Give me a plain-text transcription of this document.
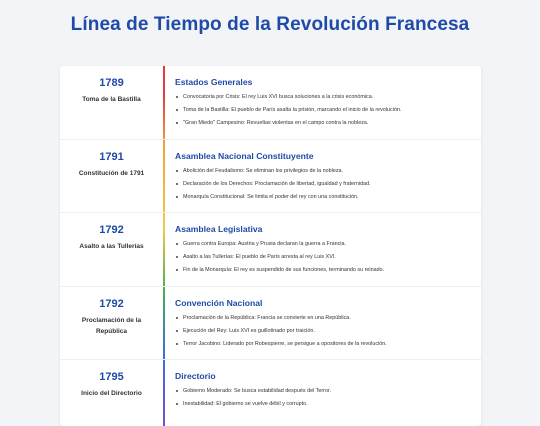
Línea de Tiempo de la Revolución Francesa
1789
Toma de la Bastilla
Estados Generales
Convocatoria por Crisis: El rey Luis XVI busca soluciones a la crisis económica.
Toma de la Bastilla: El pueblo de París asalta la prisión, marcando el inicio de la revolución.
"Gran Miedo" Campesino: Revueltas violentas en el campo contra la nobleza.
1791
Constitución de 1791
Asamblea Nacional Constituyente
Abolición del Feudalismo: Se eliminan los privilegios de la nobleza.
Declaración de los Derechos: Proclamación de libertad, igualdad y fraternidad.
Monarquía Constitucional: Se limita el poder del rey con una constitución.
1792
Asalto a las Tullerías
Asamblea Legislativa
Guerra contra Europa: Austria y Prusia declaran la guerra a Francia.
Asalto a las Tullerías: El pueblo de París arresta al rey Luis XVI.
Fin de la Monarquía: El rey es suspendido de sus funciones, terminando su reinado.
1792
Proclamación de la República
Convención Nacional
Proclamación de la República: Francia se convierte en una República.
Ejecución del Rey: Luis XVI es guillotinado por traición.
Terror Jacobino: Liderado por Robespierre, se persigue a opositores de la revolución.
1795
Inicio del Directorio
Directorio
Gobierno Moderado: Se busca estabilidad después del Terror.
Inestabilidad: El gobierno se vuelve débil y corrupto.
